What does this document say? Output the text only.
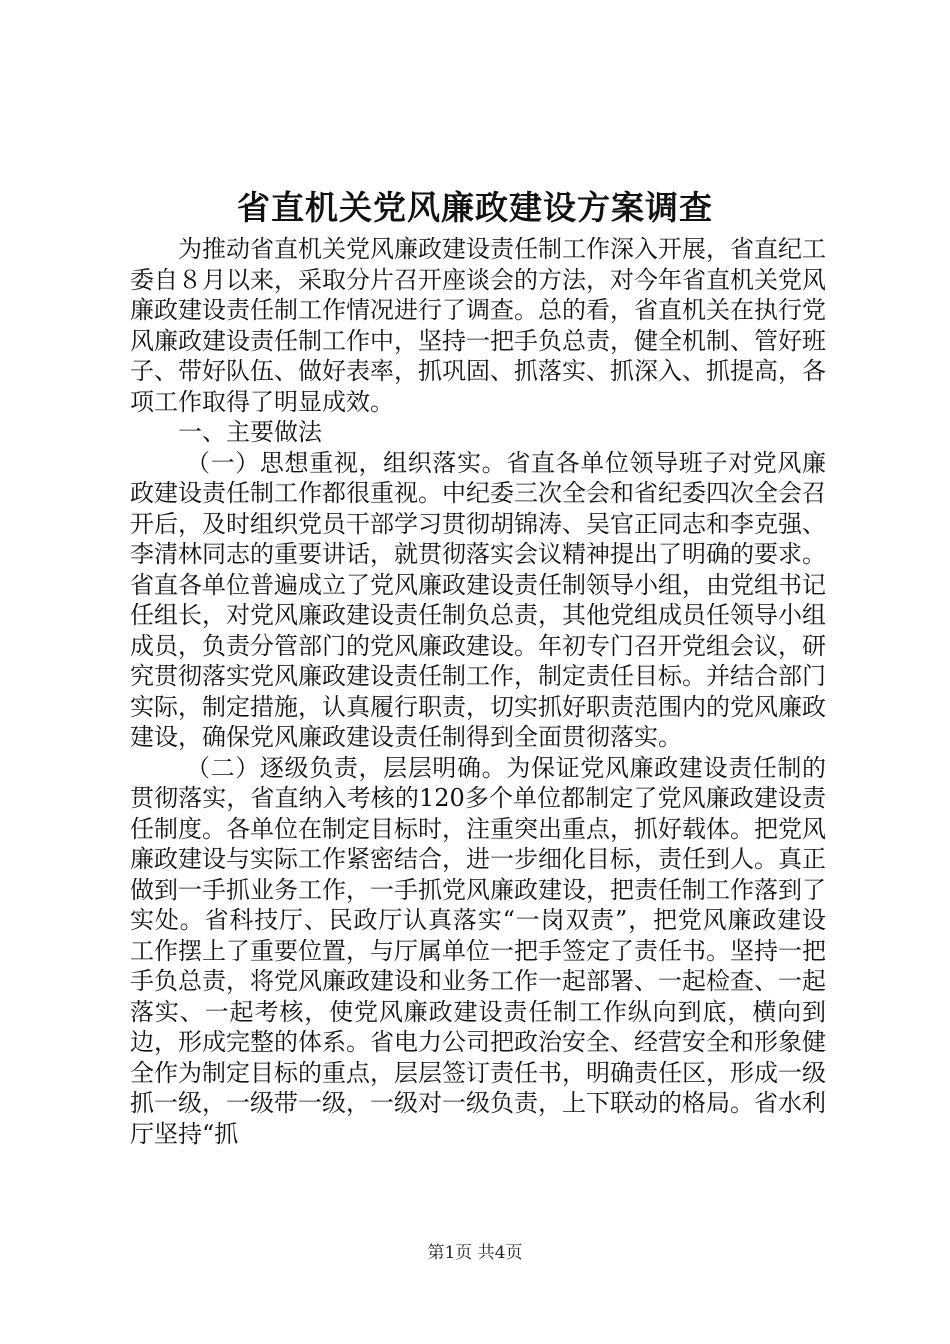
省直机关党风廉政建设方案调查

为推动省直机关党风廉政建设责任制工作深入开展，省直纪工委自８月以来，采取分片召开座谈会的方法，对今年省直机关党风廉政建设责任制工作情况进行了调查。总的看，省直机关在执行党风廉政建设责任制工作中，坚持一把手负总责，健全机制、管好班子、带好队伍、做好表率，抓巩固、抓落实、抓深入、抓提高，各项工作取得了明显成效。

一、主要做法

（一）思想重视，组织落实。省直各单位领导班子对党风廉政建设责任制工作都很重视。中纪委三次全会和省纪委四次全会召开后，及时组织党员干部学习贯彻胡锦涛、吴官正同志和李克强、李清林同志的重要讲话，就贯彻落实会议精神提出了明确的要求。省直各单位普遍成立了党风廉政建设责任制领导小组，由党组书记任组长，对党风廉政建设责任制负总责，其他党组成员任领导小组成员，负责分管部门的党风廉政建设。年初专门召开党组会议，研究贯彻落实党风廉政建设责任制工作，制定责任目标。并结合部门实际，制定措施，认真履行职责，切实抓好职责范围内的党风廉政建设，确保党风廉政建设责任制得到全面贯彻落实。

（二）逐级负责，层层明确。为保证党风廉政建设责任制的贯彻落实，省直纳入考核的120多个单位都制定了党风廉政建设责任制度。各单位在制定目标时，注重突出重点，抓好载体。把党风廉政建设与实际工作紧密结合，进一步细化目标，责任到人。真正做到一手抓业务工作，一手抓党风廉政建设，把责任制工作落到了实处。省科技厅、民政厅认真落实“一岗双责”，把党风廉政建设工作摆上了重要位置，与厅属单位一把手签定了责任书。坚持一把手负总责，将党风廉政建设和业务工作一起部署、一起检查、一起落实、一起考核，使党风廉政建设责任制工作纵向到底，横向到边，形成完整的体系。省电力公司把政治安全、经营安全和形象健全作为制定目标的重点，层层签订责任书，明确责任区，形成一级抓一级，一级带一级，一级对一级负责，上下联动的格局。省水利厅坚持“抓

第1页 共4页
